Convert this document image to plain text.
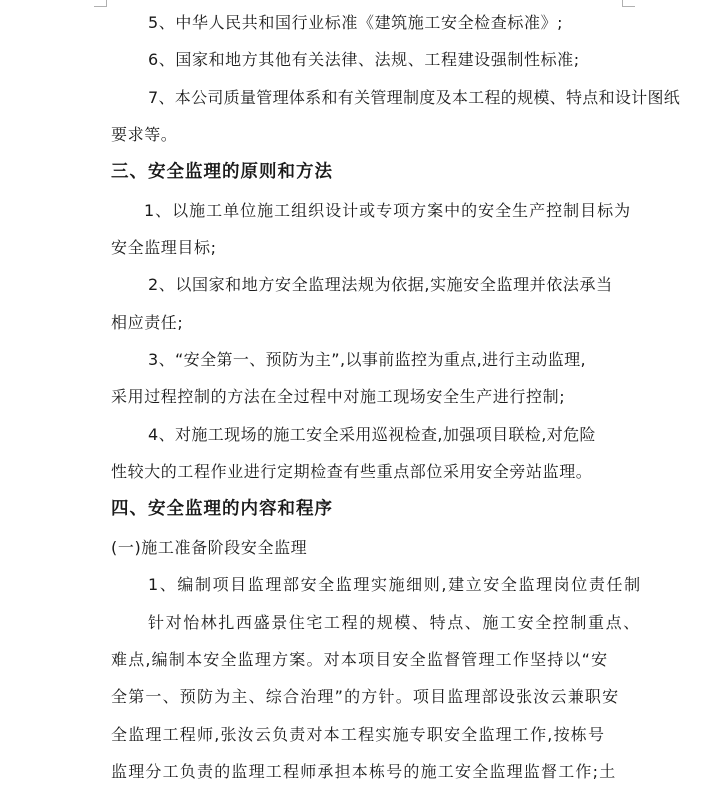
5、中华人民共和国行业标准《建筑施工安全检查标准》;
6、国家和地方其他有关法律、法规、工程建设强制性标准;
7、本公司质量管理体系和有关管理制度及本工程的规模、特点和设计图纸
要求等。
三、安全监理的原则和方法
1、以施工单位施工组织设计或专项方案中的安全生产控制目标为
安全监理目标;
2、以国家和地方安全监理法规为依据,实施安全监理并依法承当
相应责任;
3、“安全第一、预防为主”,以事前监控为重点,进行主动监理,
采用过程控制的方法在全过程中对施工现场安全生产进行控制;
4、对施工现场的施工安全采用巡视检查,加强项目联检,对危险
性较大的工程作业进行定期检查有些重点部位采用安全旁站监理。
四、安全监理的内容和程序
(一)施工准备阶段安全监理
1、编制项目监理部安全监理实施细则,建立安全监理岗位责任制
针对怡林扎西盛景住宅工程的规模、特点、施工安全控制重点、
难点,编制本安全监理方案。对本项目安全监督管理工作坚持以“安
全第一、预防为主、综合治理”的方针。项目监理部设张汝云兼职安
全监理工程师,张汝云负责对本工程实施专职安全监理工作,按栋号
监理分工负责的监理工程师承担本栋号的施工安全监理监督工作;土
